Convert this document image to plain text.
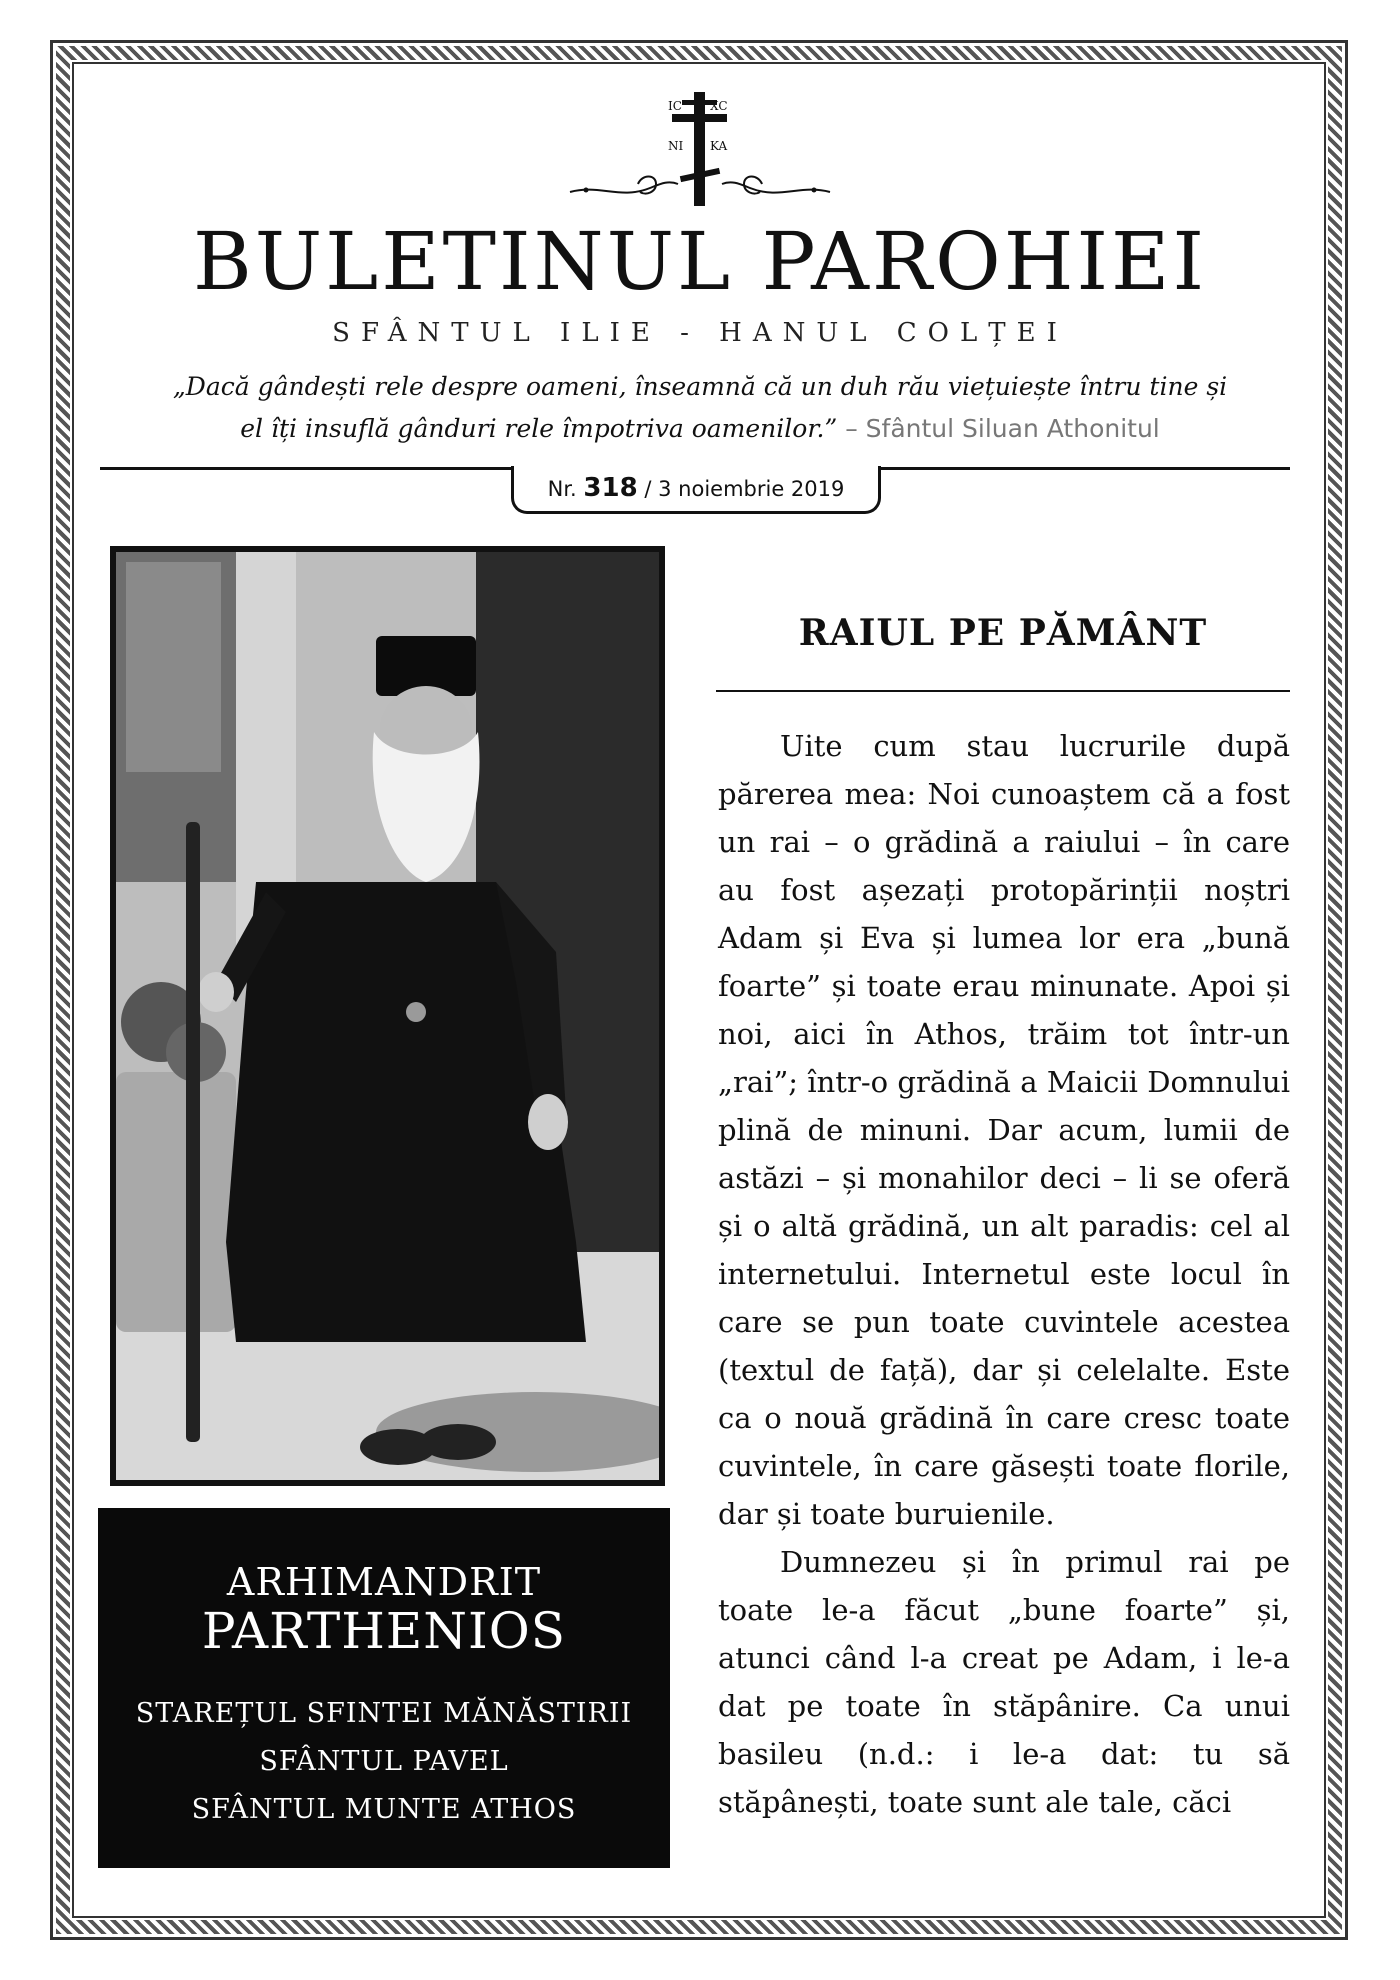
IC XC
NI KA
BULETINUL PAROHIEI
SFÂNTUL ILIE - HANUL COLȚEI
„Dacă gândești rele despre oameni, înseamnă că un duh rău viețuiește întru tine și
el îți insuflă gânduri rele împotriva oamenilor.” – Sfântul Siluan Athonitul
Nr. 318 / 3 noiembrie 2019
ARHIMANDRIT
PARTHENIOS
STAREȚUL SFINTEI MĂNĂSTIRII
SFÂNTUL PAVEL
SFÂNTUL MUNTE ATHOS
RAIUL PE PĂMÂNT

Uite cum stau lucrurile după părerea mea: Noi cunoaștem că a fost un rai – o grădină a raiului – în care au fost așezați protopărinții noștri Adam și Eva și lumea lor era „bună foarte” și toate erau minunate. Apoi și noi, aici în Athos, trăim tot într-un „rai”; într-o grădină a Maicii Domnului plină de minuni. Dar acum, lumii de astăzi – și monahilor deci – li se oferă și o altă grădină, un alt paradis: cel al internetului. Internetul este locul în care se pun toate cuvintele acestea (textul de față), dar și celelalte. Este ca o nouă grădină în care cresc toate cuvintele, în care găsești toate florile, dar și toate buruienile.

Dumnezeu și în primul rai pe toate le-a făcut „bune foarte” și, atunci când l-a creat pe Adam, i le-a dat pe toate în stăpânire. Ca unui basileu (n.d.: i le-a dat: tu să stăpânești, toate sunt ale tale, căci
